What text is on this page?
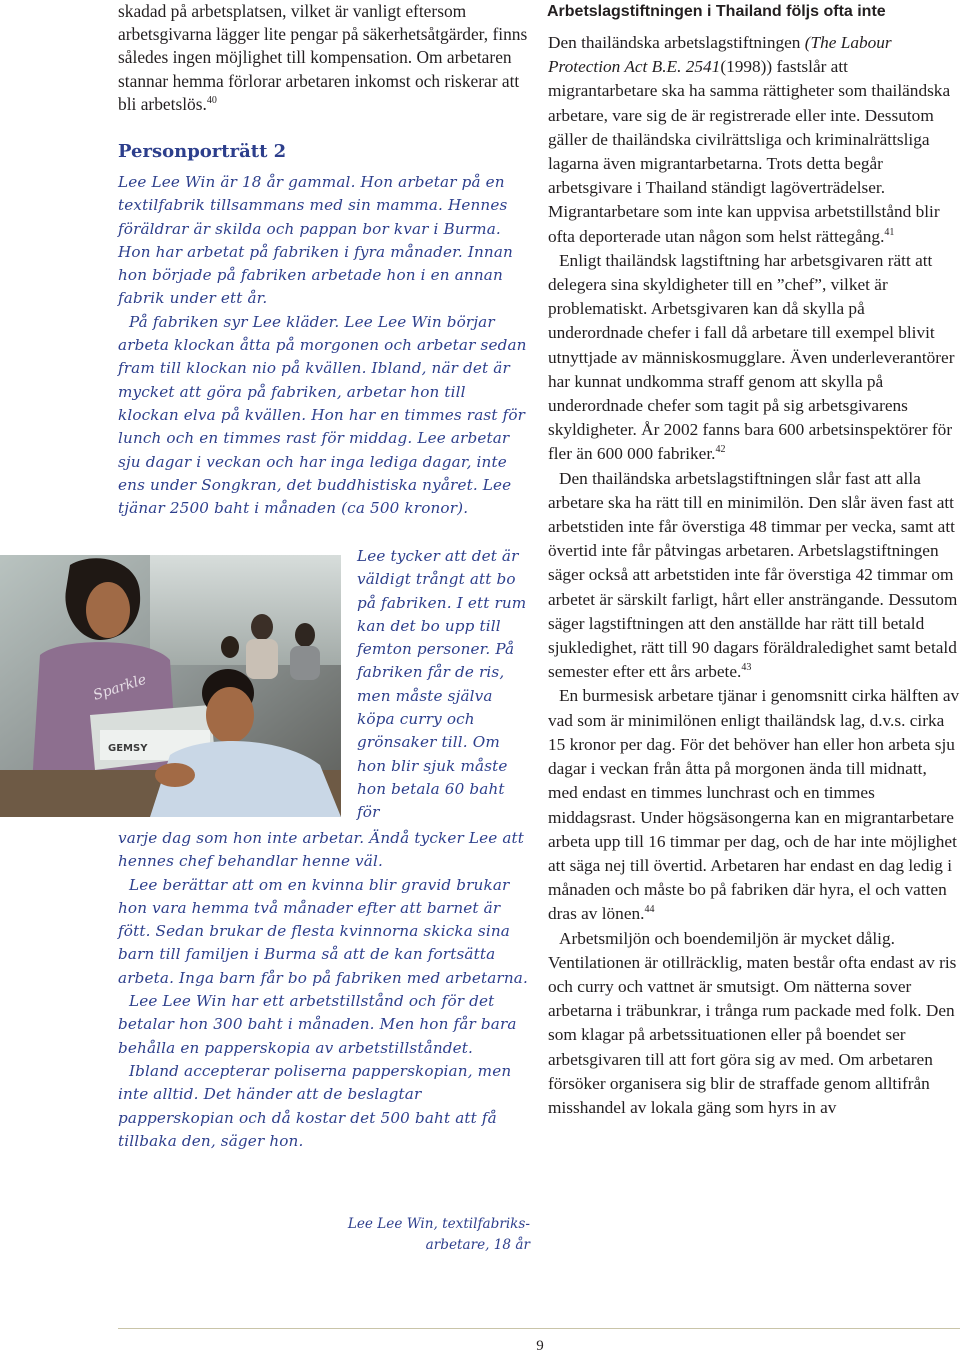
skadad på arbetsplatsen, vilket är vanligt eftersom arbetsgivarna lägger lite pengar på säkerhetsåtgärder, finns således ingen möjlighet till kompensation. Om arbetaren stannar hemma förlorar arbetaren inkomst och riskerar att bli arbetslös.$^{40}$

Personporträtt 2

Lee Lee Win är 18 år gammal. Hon arbetar på en textilfabrik tillsammans med sin mamma. Hennes föräldrar är skilda och pappan bor kvar i Burma. Hon har arbetat på fabriken i fyra månader. Innan hon började på fabriken arbetade hon i en annan fabrik under ett år.

På fabriken syr Lee kläder. Lee Lee Win börjar arbeta klockan åtta på morgonen och arbetar sedan fram till klockan nio på kvällen. Ibland, när det är mycket att göra på fabriken, arbetar hon till klockan elva på kvällen. Hon har en timmes rast för lunch och en timmes rast för middag. Lee arbetar sju dagar i veckan och har inga lediga dagar, inte ens under Songkran, det buddhistiska nyåret. Lee tjänar 2500 baht i månaden (ca 500 kronor).

Sparkle
GEMSY

Lee tycker att det är väldigt trångt att bo på fabriken. I ett rum kan det bo upp till femton personer. På fabriken får de ris, men måste själva köpa curry och grönsaker till. Om hon blir sjuk måste hon betala 60 baht för

varje dag som hon inte arbetar. Ändå tycker Lee att hennes chef behandlar henne väl.

Lee berättar att om en kvinna blir gravid brukar hon vara hemma två månader efter att barnet är fött. Sedan brukar de flesta kvinnorna skicka sina barn till familjen i Burma så att de kan fortsätta arbeta. Inga barn får bo på fabriken med arbetarna.

Lee Lee Win har ett arbetstillstånd och för det betalar hon 300 baht i månaden. Men hon får bara behålla en papperskopia av arbetstillståndet.

Ibland accepterar poliserna papperskopian, men inte alltid. Det händer att de beslagtar papperskopian och då kostar det 500 baht att få tillbaka den, säger hon.

Lee Lee Win, textilfabriks-
arbetare, 18 år
Arbetslagstiftningen i Thailand följs ofta inte

Den thailändska arbetslagstiftningen (The Labour Protection Act B.E. 2541(1998)) fastslår att migrantarbetare ska ha samma rättigheter som thailändska arbetare, vare sig de är registrerade eller inte. Dessutom gäller de thailändska civilrättsliga och kriminalrättsliga lagarna även migrantarbetarna. Trots detta begår arbetsgivare i Thailand ständigt lagöverträdelser. Migrantarbetare som inte kan uppvisa arbetstillstånd blir ofta deporterade utan någon som helst rättegång.$^{41}$

Enligt thailändsk lagstiftning har arbetsgivaren rätt att delegera sina skyldigheter till en ”chef”, vilket är problematiskt. Arbetsgivaren kan då skylla på underordnade chefer i fall då arbetare till exempel blivit utnyttjade av människosmugglare. Även underleverantörer har kunnat undkomma straff genom att skylla på underordnade chefer som tagit på sig arbetsgivarens skyldigheter. År 2002 fanns bara 600 arbetsinspektörer för fler än 600 000 fabriker.$^{42}$

Den thailändska arbetslagstiftningen slår fast att alla arbetare ska ha rätt till en minimilön. Den slår även fast att arbetstiden inte får överstiga 48 timmar per vecka, samt att övertid inte får påtvingas arbetaren. Arbetslagstiftningen säger också att arbetstiden inte får överstiga 42 timmar om arbetet är särskilt farligt, hårt eller ansträngande. Dessutom säger lagstiftningen att den anställde har rätt till betald sjukledighet, rätt till 90 dagars föräldraledighet samt betald semester efter ett års arbete.$^{43}$

En burmesisk arbetare tjänar i genomsnitt cirka hälften av vad som är minimilönen enligt thailändsk lag, d.v.s. cirka 15 kronor per dag. För det behöver han eller hon arbeta sju dagar i veckan från åtta på morgonen ända till midnatt, med endast en timmes lunchrast och en timmes middagsrast. Under högsäsongerna kan en migrantarbetare arbeta upp till 16 timmar per dag, och de har inte möjlighet att säga nej till övertid. Arbetaren har endast en dag ledig i månaden och måste bo på fabriken där hyra, el och vatten dras av lönen.$^{44}$

Arbetsmiljön och boendemiljön är mycket dålig. Ventilationen är otillräcklig, maten består ofta endast av ris och curry och vattnet är smutsigt. Om nätterna sover arbetarna i träbunkrar, i trånga rum packade med folk. Den som klagar på arbetssituationen eller på boendet ser arbetsgivaren till att fort göra sig av med. Om arbetaren försöker organisera sig blir de straffade genom alltifrån misshandel av lokala gäng som hyrs in av

9
